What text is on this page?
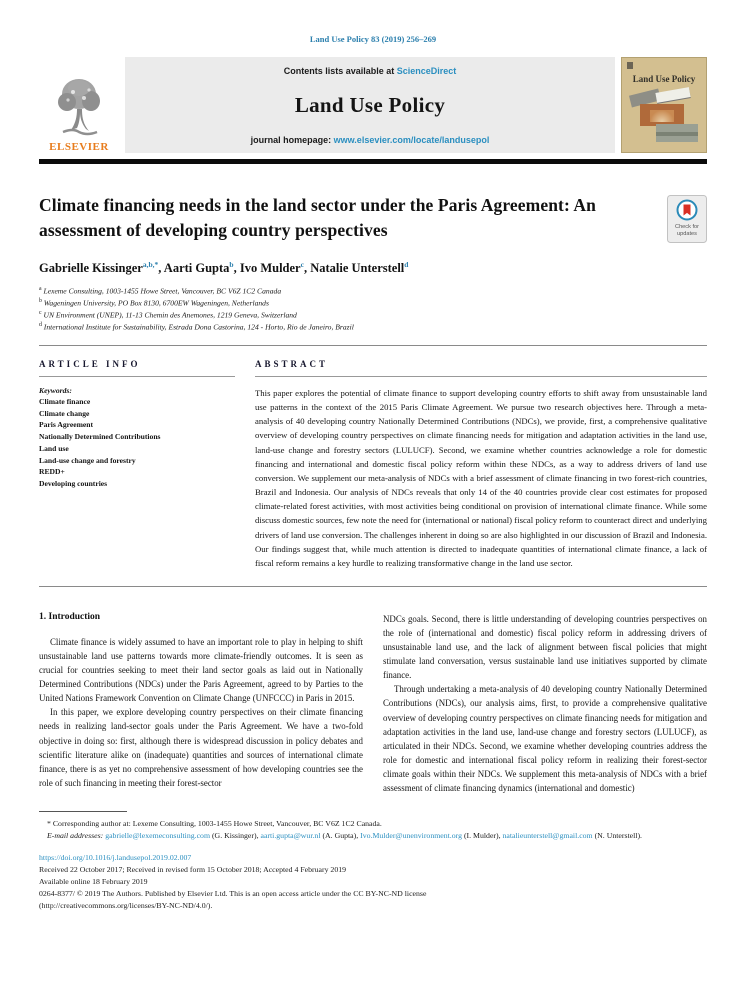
Land Use Policy 83 (2019) 256–269
ELSEVIER
Contents lists available at ScienceDirect
Land Use Policy
journal homepage: www.elsevier.com/locate/landusepol
Land Use Policy
Climate financing needs in the land sector under the Paris Agreement: An assessment of developing country perspectives	Check for
updates
Gabrielle Kissinger$^{a,b,*}$, Aarti Gupta$^b$, Ivo Mulder$^c$, Natalie Unterstell$^d$
$^a$ Lexeme Consulting, 1003-1455 Howe Street, Vancouver, BC V6Z 1C2 Canada
$^b$ Wageningen University, PO Box 8130, 6700EW Wageningen, Netherlands
$^c$ UN Environment (UNEP), 11-13 Chemin des Anemones, 1219 Geneva, Switzerland
$^d$ International Institute for Sustainability, Estrada Dona Castorina, 124 - Horto, Rio de Janeiro, Brazil
ARTICLE INFO
Keywords:
Climate finance
Climate change
Paris Agreement
Nationally Determined Contributions
Land use
Land-use change and forestry
REDD+
Developing countries
ABSTRACT
This paper explores the potential of climate finance to support developing country efforts to shift away from unsustainable land use patterns in the context of the 2015 Paris Climate Agreement. We pursue two research objectives here. Through a meta-analysis of 40 developing country Nationally Determined Contributions (NDCs), we provide, first, a comprehensive qualitative overview of developing country perspectives on climate financing needs for mitigation and adaptation activities in the land use, land-use change and forestry sectors (LULUCF). Second, we examine whether countries acknowledge a role for domestic financing and international and domestic fiscal policy reform within these NDCs, as a way to address drivers of land use conversion. We supplement our meta-analysis of NDCs with a brief assessment of climate financing in two forest-rich countries, Brazil and Indonesia. Our analysis of NDCs reveals that only 14 of the 40 countries provide clear cost estimates for proposed climate-related forest activities, with most activities being conditional on provision of international climate finance. While some discuss domestic sources, few note the need for (international or national) fiscal policy reform to counteract direct and underlying drivers of land use conversion. The challenges inherent in doing so are also highlighted in our discussion of Brazil and Indonesia. Our findings suggest that, while much attention is directed to inadequate quantities of international climate finance, a lack of fiscal reform remains a key hurdle to realizing transformative change in the land use sector.
1. Introduction

Climate finance is widely assumed to have an important role to play in helping to shift unsustainable land use patterns towards more climate-friendly outcomes. It is seen as crucial for countries seeking to meet their land sector goals as laid out in Nationally Determined Contributions (NDCs) under the Paris Agreement, agreed to by Parties to the United Nations Framework Convention on Climate Change (UNFCCC) in Paris in 2015.

In this paper, we explore developing country perspectives on their climate financing needs in realizing land-sector goals under the Paris Agreement. We have a two-fold objective in doing so: first, although there is widespread discussion in policy debates and scientific literature alike on (inadequate) quantities and sources of international climate finance, there is as yet no comprehensive assessment of how developing countries see the role of such financing in meeting their forest-sector

NDCs goals. Second, there is little understanding of developing countries perspectives on the role of (international and domestic) fiscal policy reform in addressing drivers of unsustainable land use, and the lack of alignment between fiscal policies that might stimulate land conversation, versus sustainable land use initiatives supported by climate finance.

Through undertaking a meta-analysis of 40 developing country Nationally Determined Contributions (NDCs), our analysis aims, first, to provide a comprehensive qualitative overview of developing country perspectives on climate financing needs for mitigation and adaptation activities in the land use, land-use change and forestry sectors (LULUCF), as articulated in their NDCs. Second, we examine whether developing countries address the role for domestic and international fiscal policy reform in realizing their forest-sector climate goals within their NDCs. We supplement this meta-analysis of NDCs with a brief assessment of climate financing dynamics (international and domestic)

* Corresponding author at: Lexeme Consulting, 1003-1455 Howe Street, Vancouver, BC V6Z 1C2 Canada.

E-mail addresses: gabrielle@lexemeconsulting.com (G. Kissinger), aarti.gupta@wur.nl (A. Gupta), Ivo.Mulder@unenvironment.org (I. Mulder), natalieunterstell@gmail.com (N. Unterstell).

https://doi.org/10.1016/j.landusepol.2019.02.007

Received 22 October 2017; Received in revised form 15 October 2018; Accepted 4 February 2019

Available online 18 February 2019

0264-8377/ © 2019 The Authors. Published by Elsevier Ltd. This is an open access article under the CC BY-NC-ND license

(http://creativecommons.org/licenses/BY-NC-ND/4.0/).
